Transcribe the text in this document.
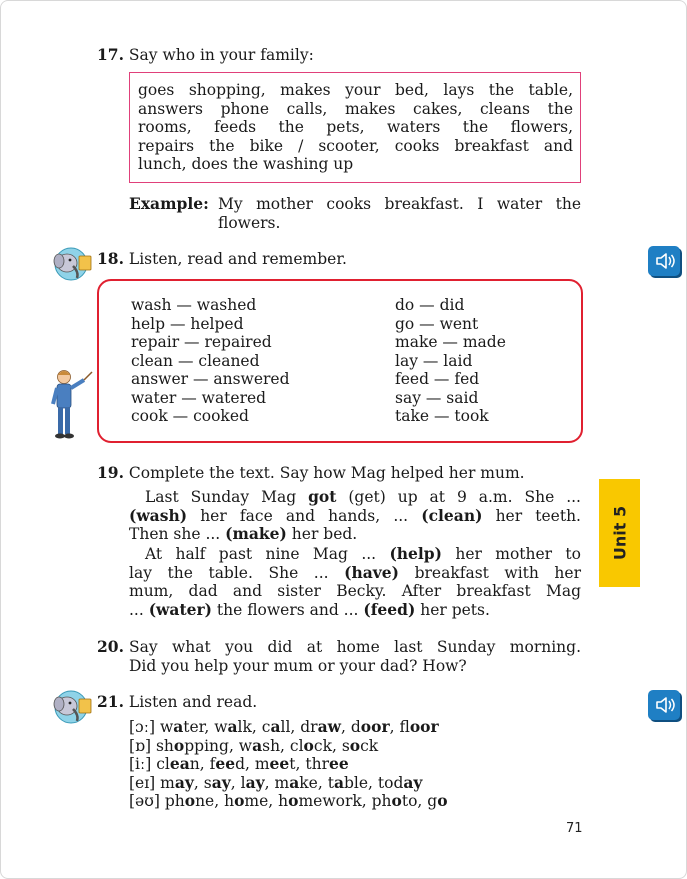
17. Say who in your family:
goes shopping, makes your bed, lays the table,
answers phone calls, makes cakes, cleans the
rooms, feeds the pets, waters the flowers,
repairs the bike / scooter, cooks breakfast and
lunch, does the washing up
Example: My mother cooks breakfast. I water the
flowers.
18. Listen, read and remember.
wash — washed
help — helped
repair — repaired
clean — cleaned
answer — answered
water — watered
cook — cooked
do — did
go — went
make — made
lay — laid
feed — fed
say — said
take — took
19. Complete the text. Say how Mag helped her mum.
Last Sunday Mag got (get) up at 9 a.m. She ...
(wash) her face and hands, ... (clean) her teeth.
Then she ... (make) her bed.
At half past nine Mag ... (help) her mother to
lay the table. She ... (have) breakfast with her
mum, dad and sister Becky. After breakfast Mag
... (water) the flowers and ... (feed) her pets.
Unit 5
20. Say what you did at home last Sunday morning.
Did you help your mum or your dad? How?
21. Listen and read.
[ɔː] water, walk, call, draw, door, floor
[ɒ] shopping, wash, clock, sock
[iː] clean, feed, meet, three
[eɪ] may, say, lay, make, table, today
[əʊ] phone, home, homework, photo, go
71
